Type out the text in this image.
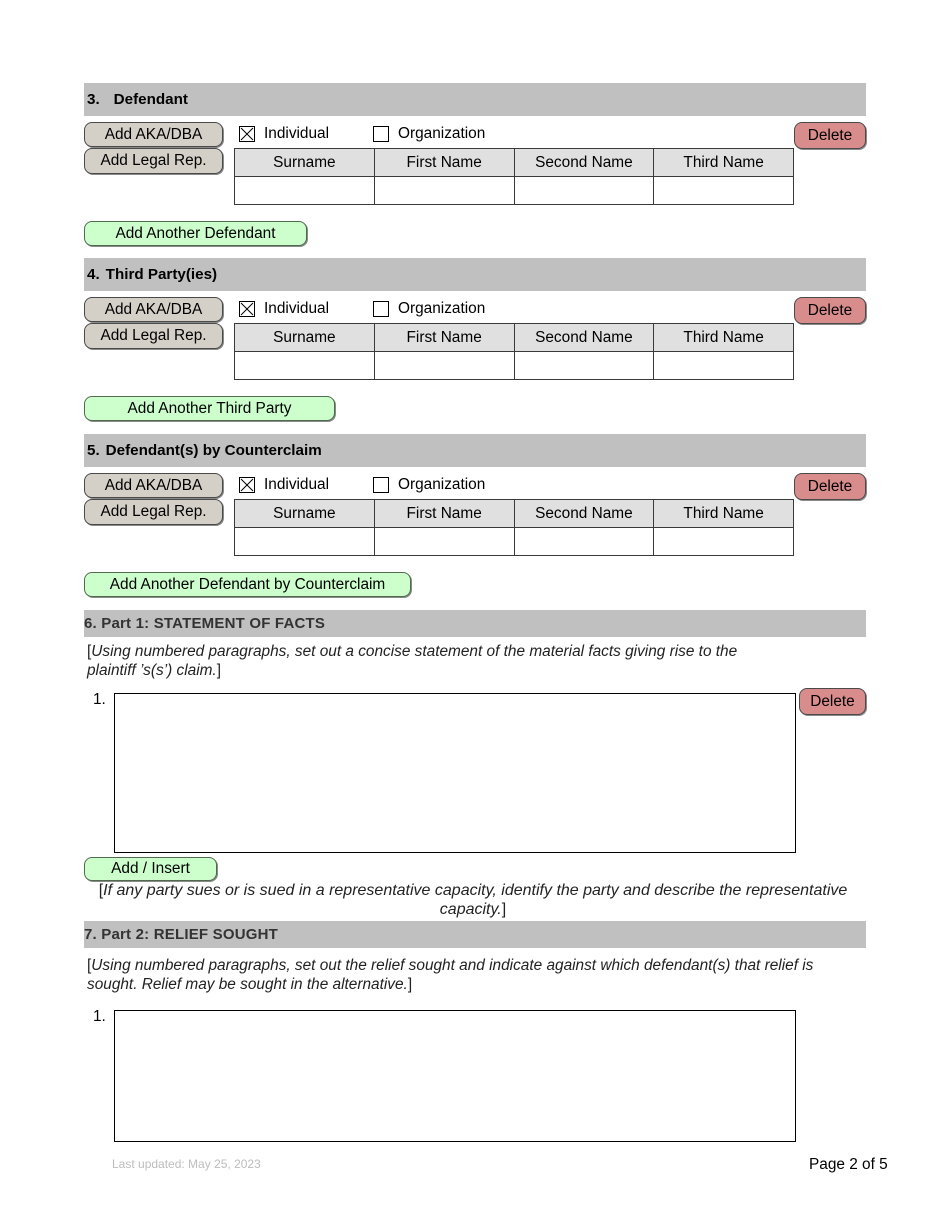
3. Defendant
Add AKA/DBA
Add Legal Rep.
Individual	Organization	Delete
Surname	First Name	Second Name	Third Name

Add Another Defendant
4. Third Party(ies)
Add AKA/DBA
Add Legal Rep.
Individual	Organization	Delete
Surname	First Name	Second Name	Third Name

Add Another Third Party
5. Defendant(s) by Counterclaim
Add AKA/DBA
Add Legal Rep.
Individual	Organization	Delete
Surname	First Name	Second Name	Third Name

Add Another Defendant by Counterclaim
6. Part 1: STATEMENT OF FACTS
[Using numbered paragraphs, set out a concise statement of the material facts giving rise to the plaintiff ’s(s’) claim.]
1.	Delete
Add / Insert
[If any party sues or is sued in a representative capacity, identify the party and describe the representative capacity.]
7. Part 2: RELIEF SOUGHT
[Using numbered paragraphs, set out the relief sought and indicate against which defendant(s) that relief is sought. Relief may be sought in the alternative.]
1.
Last updated: May 25, 2023	Page 2 of 5
